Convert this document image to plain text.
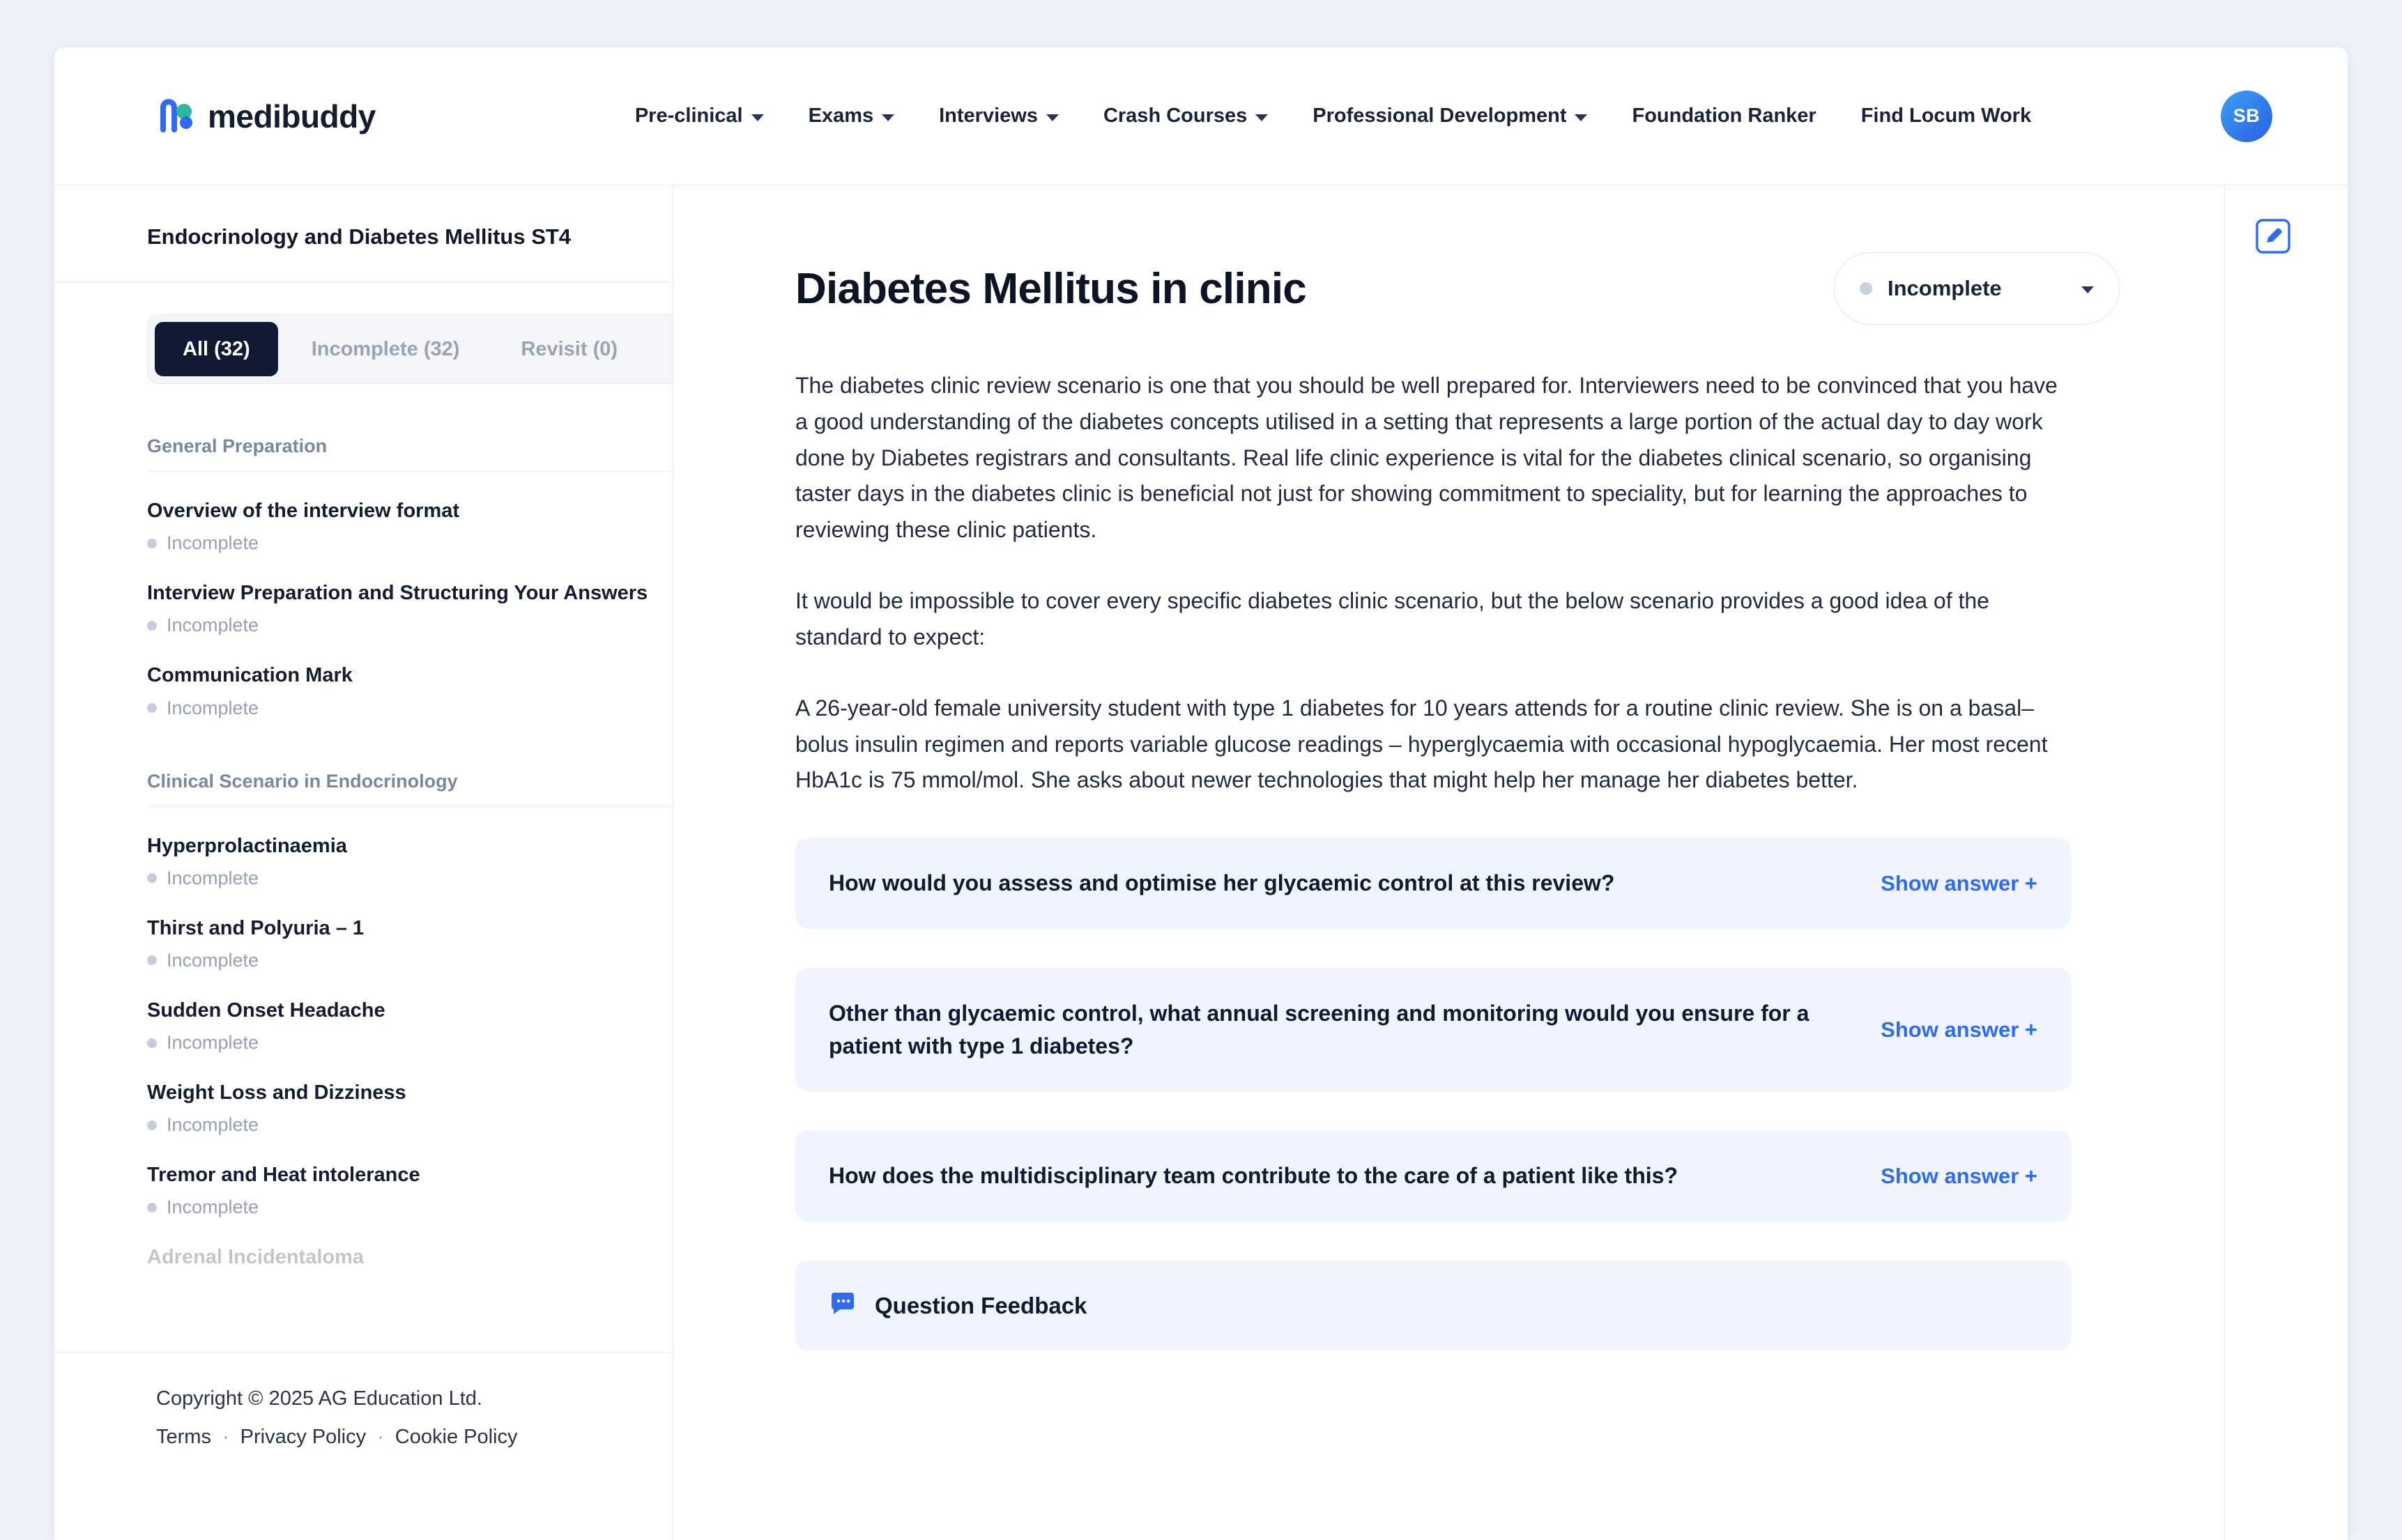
medibuddy	Pre-clinical	Exams	Interviews	Crash Courses	Professional Development	Foundation Ranker Find Locum Work	SB
Endocrinology and Diabetes Mellitus ST4
All (32)	Incomplete (32)	Revisit (0)
General Preparation
Overview of the interview format
Incomplete
Interview Preparation and Structuring Your Answers
Incomplete
Communication Mark
Incomplete
Clinical Scenario in Endocrinology
Hyperprolactinaemia
Incomplete
Thirst and Polyuria – 1
Incomplete
Sudden Onset Headache
Incomplete
Weight Loss and Dizziness
Incomplete
Tremor and Heat intolerance
Incomplete
Adrenal Incidentaloma
Copyright © 2025 AG Education Ltd.
Terms · Privacy Policy · Cookie Policy
Diabetes Mellitus in clinic	Incomplete
The diabetes clinic review scenario is one that you should be well prepared for. Interviewers need to be convinced that you have a good understanding of the diabetes concepts utilised in a setting that represents a large portion of the actual day to day work done by Diabetes registrars and consultants. Real life clinic experience is vital for the diabetes clinical scenario, so organising taster days in the diabetes clinic is beneficial not just for showing commitment to speciality, but for learning the approaches to reviewing these clinic patients.
It would be impossible to cover every specific diabetes clinic scenario, but the below scenario provides a good idea of the standard to expect:
A 26-year-old female university student with type 1 diabetes for 10 years attends for a routine clinic review. She is on a basal–bolus insulin regimen and reports variable glucose readings – hyperglycaemia with occasional hypoglycaemia. Her most recent HbA1c is 75 mmol/mol. She asks about newer technologies that might help her manage her diabetes better.
How would you assess and optimise her glycaemic control at this review?	Show answer +
Other than glycaemic control, what annual screening and monitoring would you ensure for a patient with type 1 diabetes?
Show answer +
How does the multidisciplinary team contribute to the care of a patient like this?	Show answer +
Question Feedback
